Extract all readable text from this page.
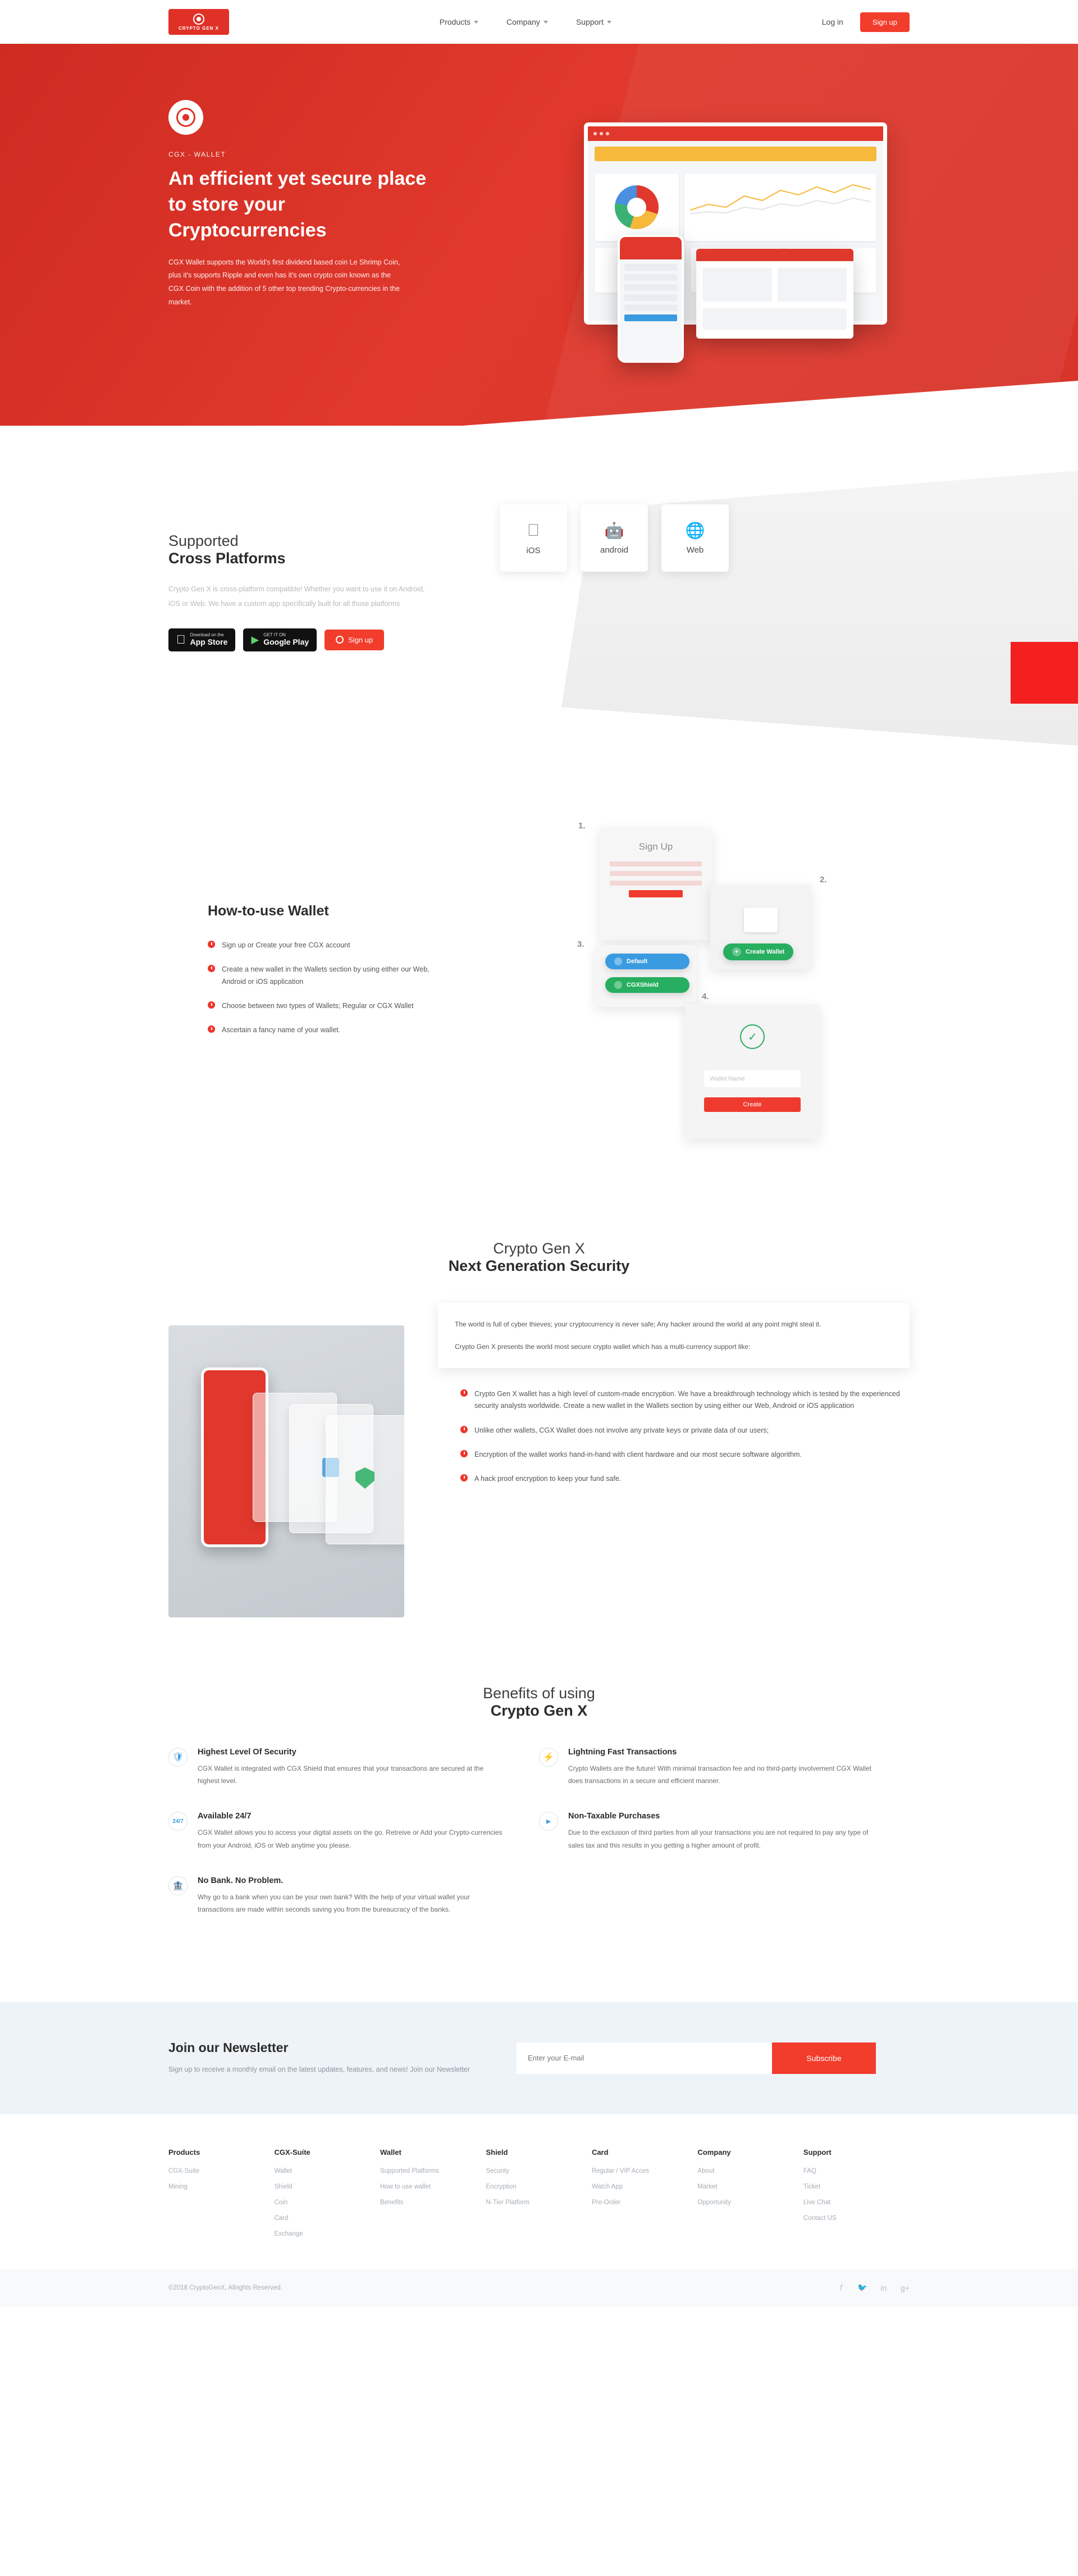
CRYPTO GEN X
Products	Company	Support	Log in	Sign up
CGX - WALLET
An efficient yet secure place to store your Cryptocurrencies
CGX Wallet supports the World's first dividend based coin Le Shrimp Coin, plus it's supports Ripple and even has it's own crypto coin known as the CGX Coin with the addition of 5 other top trending Crypto-currencies in the market.
Supported
Cross Platforms
Crypto Gen X is cross-platform compatible! Whether you want to use it on Android, iOS or Web. We have a custom app specifically built for all those platforms
Download on the
App Store ▶ GET IT ON
Google Play	Sign up
iOS
🤖
android
🌐
Web
How-to-use Wallet
Sign up or Create your free CGX account
Create a new wallet in the Wallets section by using either our Web, Android or iOS application
Choose between two types of Wallets; Regular or CGX Wallet
Ascertain a fancy name of your wallet.
1.
Sign Up
2.
+	Create Wallet
3.
Default
CGXShield
4.
✓
Wallet Name
Create
Crypto Gen X
Next Generation Security

The world is full of cyber thieves; your cryptocurrency is never safe; Any hacker around the world at any point might steal it.

Crypto Gen X presents the world most secure crypto wallet which has a multi-currency support like:

Crypto Gen X wallet has a high level of custom-made encryption. We have a breakthrough technology which is tested by the experienced security analysts worldwide. Create a new wallet in the Wallets section by using either our Web, Android or iOS application
Unlike other wallets, CGX Wallet does not involve any private keys or private data of our users;
Encryption of the wallet works hand-in-hand with client hardware and our most secure software algorithm.
A hack proof encryption to keep your fund safe.
Benefits of using
Crypto Gen X
🛡
Highest Level Of Security
CGX Wallet is integrated with CGX Shield that ensures that your transactions are secured at the highest level.
⚡
Lightning Fast Transactions
Crypto Wallets are the future! With minimal transaction fee and no third-party involvement CGX Wallet does transactions in a secure and efficient manner.
24/7
Available 24/7
CGX Wallet allows you to access your digital assets on the go. Retreive or Add your Crypto-currencies from your Android, iOS or Web anytime you please.
▸
Non-Taxable Purchases
Due to the exclusion of third parties from all your transactions you are not required to pay any type of sales tax and this results in you getting a higher amount of profit.
🏦
No Bank. No Problem.
Why go to a bank when you can be your own bank? With the help of your virtual wallet your transactions are made within seconds saving you from the bureaucracy of the banks.
Join our Newsletter
Sign up to receive a monthly email on the latest updates, features, and news! Join our Newsletter
Enter your E-mail
Subscribe
Products
CGX-Suite
Mining
CGX-Suite
Wallet
Shield
Coin
Card
Exchange
Wallet
Supported Platforms
How to use wallet
Benefits
Shield
Security
Encryption
N-Tier Platform
Card
Regular / VIP Acces
Watch App
Pre-Order
Company
About
Market
Opportunity
Support
FAQ
Ticket
Live Chat
Contact US
©2018 CryptoGenX, Allrights Reserved.	𝑓	🐦 in g+
